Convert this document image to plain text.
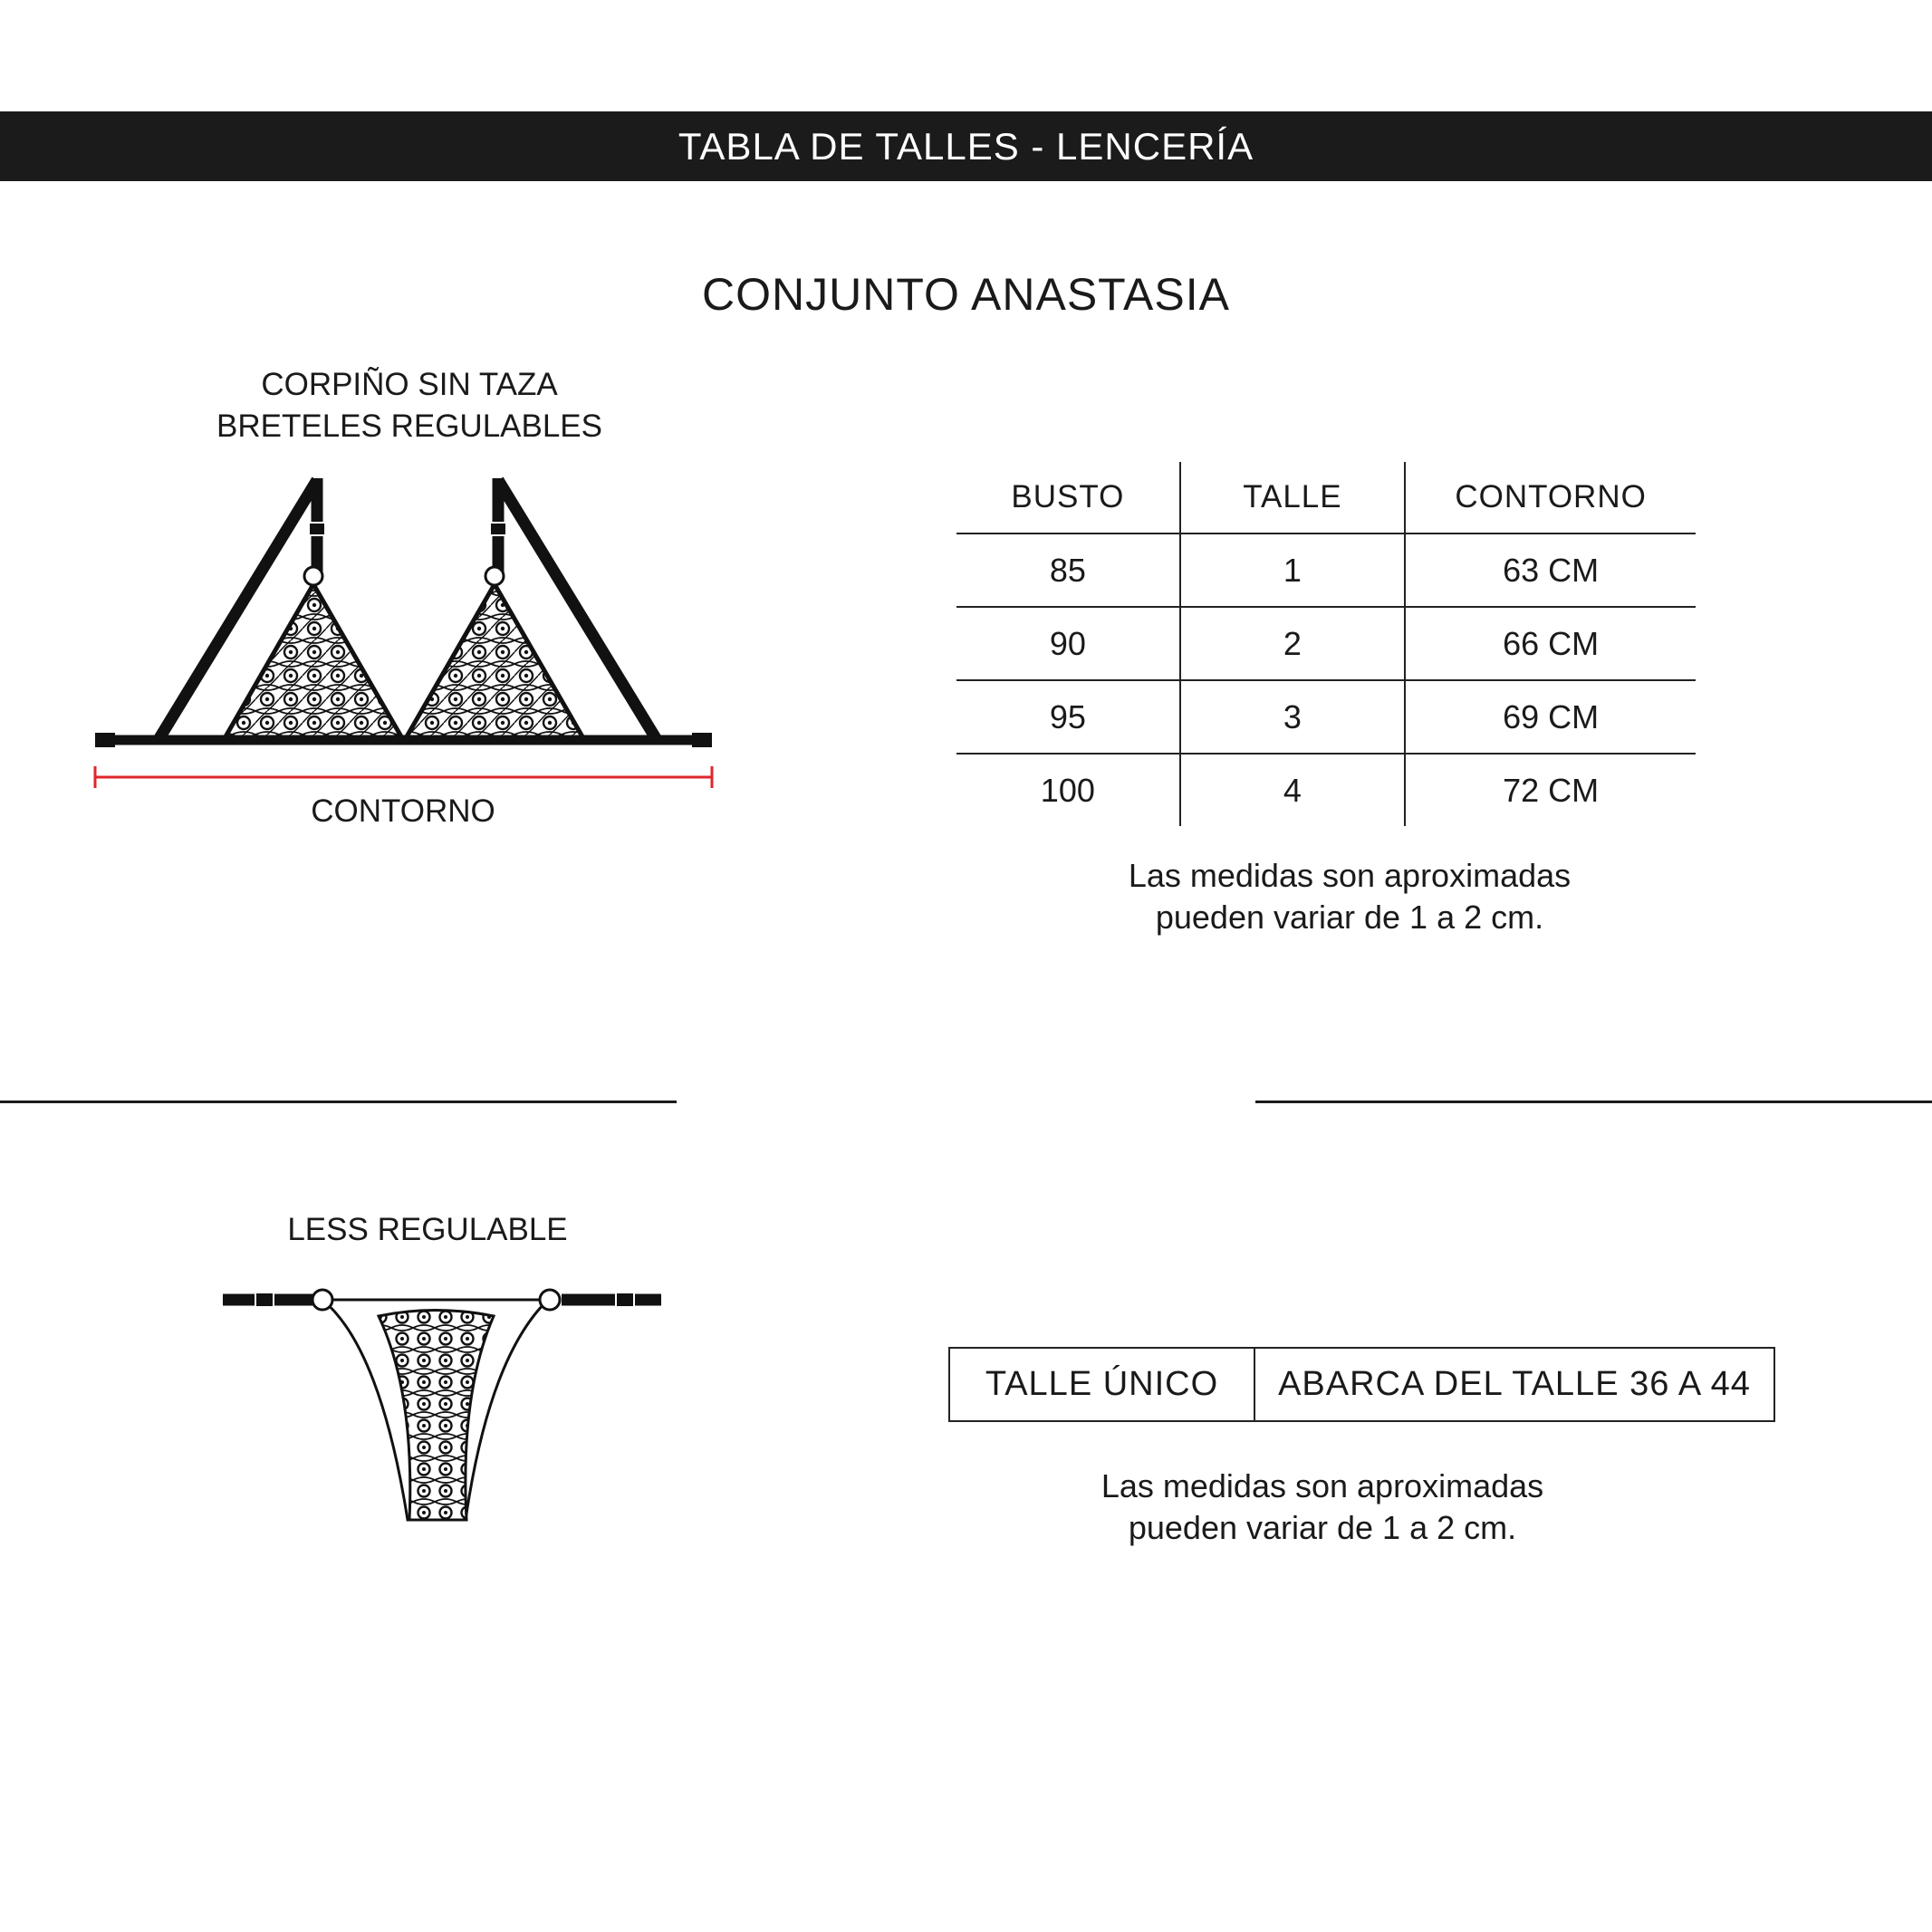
TABLA DE TALLES - LENCERÍA
CONJUNTO ANASTASIA
CORPIÑO SIN TAZA
BRETELES REGULABLES
CONTORNO
BUSTO	TALLE	CONTORNO
85	1	63 CM
90	2	66 CM
95	3	69 CM
100	4	72 CM
Las medidas son aproximadas
pueden variar de 1 a 2 cm.
LESS REGULABLE
TALLE ÚNICO	ABARCA DEL TALLE 36 A 44
Las medidas son aproximadas
pueden variar de 1 a 2 cm.
